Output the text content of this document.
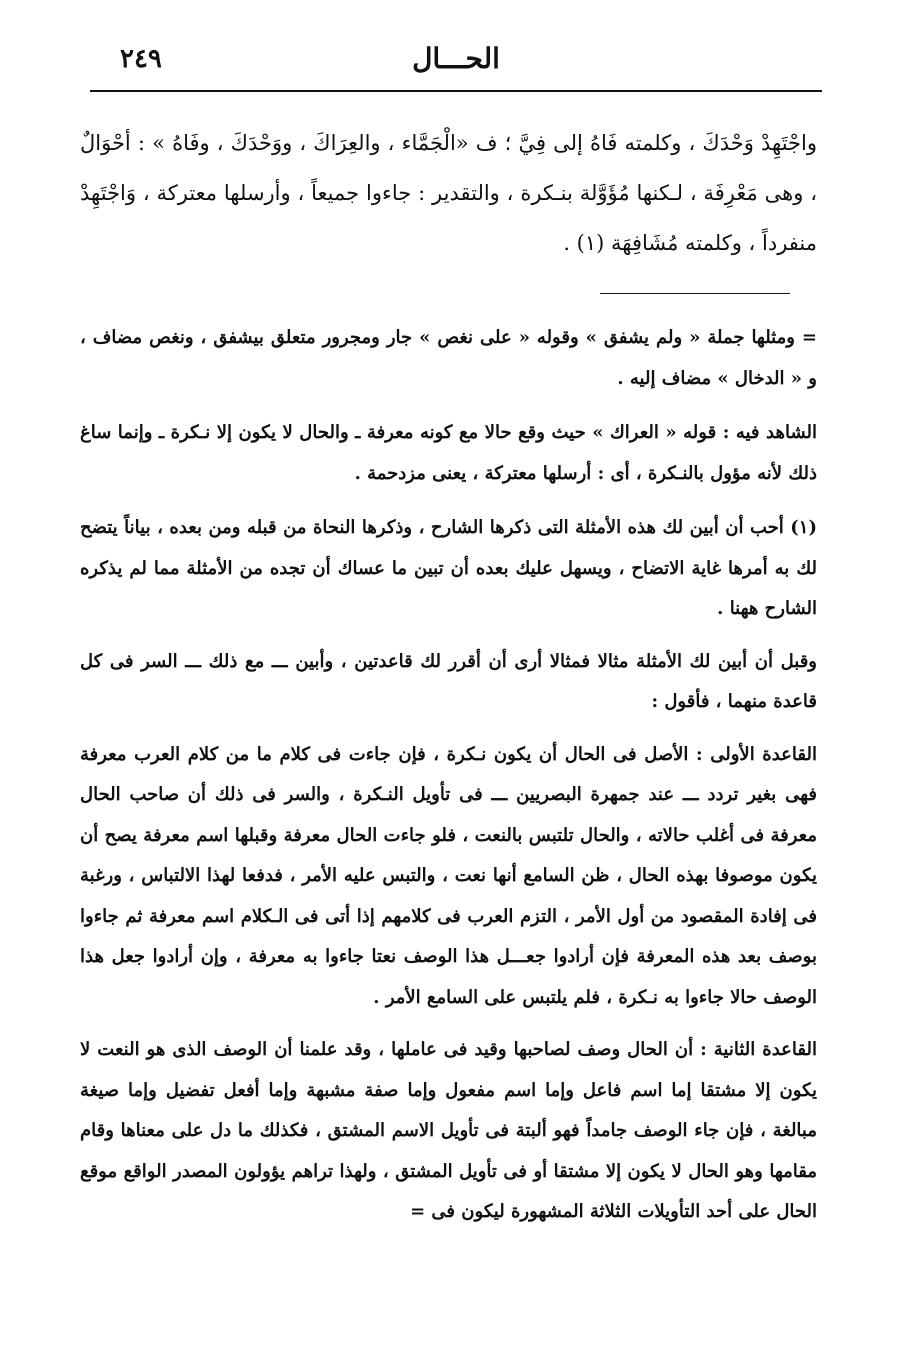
٢٤٩	الحـــال

واجْتَهِدْ وَحْدَكَ ، وكلمته فَاهُ إلى فِيَّ ؛ ف «الْجَمَّاء ، والعِرَاكَ ، ووَحْدَكَ ، وفَاهُ » : أحْوَالٌ ، وهى مَعْرِفَة ، لـكنها مُؤَوَّلة بنـكرة ، والتقدير : جاءوا جميعاً ، وأرسلها معتركة ، وَاجْتَهِدْ منفرداً ، وكلمته مُشَافِهَة (١) .

= ومثلها جملة « ولم يشفق » وقوله « على نغص » جار ومجرور متعلق بيشفق ، ونغص مضاف ، و « الدخال » مضاف إليه .

الشاهد فيه : قوله « العراك » حيث وقع حالا مع كونه معرفة ـ والحال لا يكون إلا نـكرة ـ وإنما ساغ ذلك لأنه مؤول بالنـكرة ، أى : أرسلها معتركة ، يعنى مزدحمة .

(١) أحب أن أبين لك هذه الأمثلة التى ذكرها الشارح ، وذكرها النحاة من قبله ومن بعده ، بياناً يتضح لك به أمرها غاية الاتضاح ، ويسهل عليك بعده أن تبين ما عساك أن تجده من الأمثلة مما لم يذكره الشارح ههنا .

وقبل أن أبين لك الأمثلة مثالا فمثالا أرى أن أقرر لك قاعدتين ، وأبين ـــ مع ذلك ـــ السر فى كل قاعدة منهما ، فأقول :

القاعدة الأولى : الأصل فى الحال أن يكون نـكرة ، فإن جاءت فى كلام ما من كلام العرب معرفة فهى بغير تردد ـــ عند جمهرة البصريين ـــ فى تأويل النـكرة ، والسر فى ذلك أن صاحب الحال معرفة فى أغلب حالاته ، والحال تلتبس بالنعت ، فلو جاءت الحال معرفة وقبلها اسم معرفة يصح أن يكون موصوفا بهذه الحال ، ظن السامع أنها نعت ، والتبس عليه الأمر ، فدفعا لهذا الالتباس ، ورغبة فى إفادة المقصود من أول الأمر ، التزم العرب فى كلامهم إذا أتى فى الـكلام اسم معرفة ثم جاءوا بوصف بعد هذه المعرفة فإن أرادوا جعـــل هذا الوصف نعتا جاءوا به معرفة ، وإن أرادوا جعل هذا الوصف حالا جاءوا به نـكرة ، فلم يلتبس على السامع الأمر .

القاعدة الثانية : أن الحال وصف لصاحبها وقيد فى عاملها ، وقد علمنا أن الوصف الذى هو النعت لا يكون إلا مشتقا إما اسم فاعل وإما اسم مفعول وإما صفة مشبهة وإما أفعل تفضيل وإما صيغة مبالغة ، فإن جاء الوصف جامداً فهو ألبتة فى تأويل الاسم المشتق ، فكذلك ما دل على معناها وقام مقامها وهو الحال لا يكون إلا مشتقا أو فى تأويل المشتق ، ولهذا تراهم يؤولون المصدر الواقع موقع الحال على أحد التأويلات الثلاثة المشهورة ليكون فى =
